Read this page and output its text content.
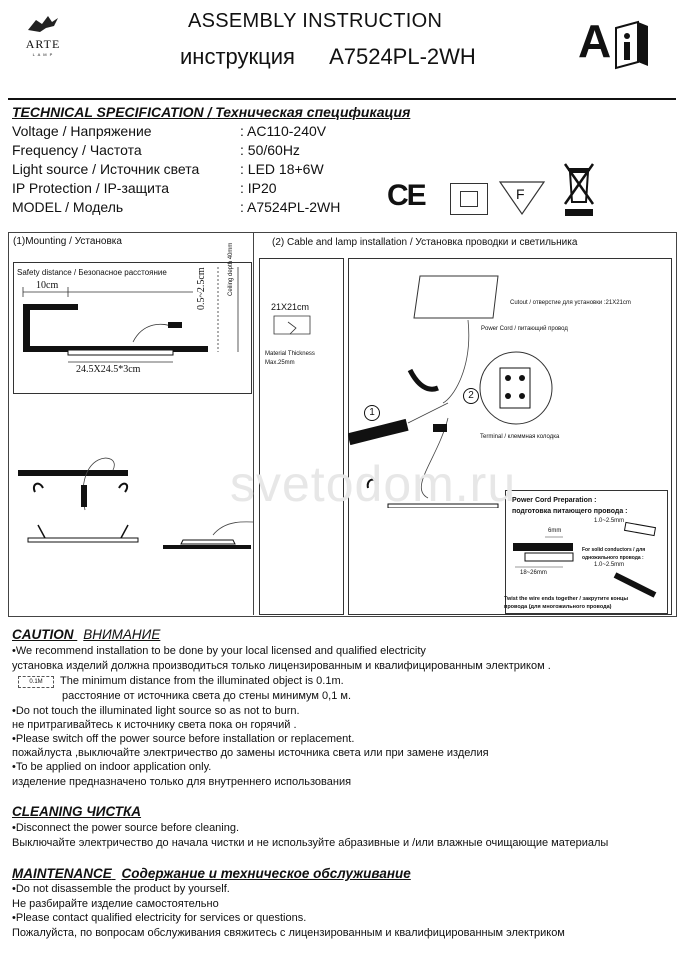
ARTE
L A M P
ASSEMBLY INSTRUCTION
инструкция A7524PL-2WH A
TECHNICAL SPECIFICATION / Техническая спецификация
Voltage / Напряжение	: AC110-240V
Frequency / Частота	: 50/60Hz
Light source / Источник света	: LED 18+6W
IP Protection / IP-защита	: IP20
MODEL / Модель	: A7524PL-2WH CE	F
(1)Mounting / Установка	(2) Cable and lamp installation / Установка проводки и светильника
Safety distance / Безопасное расстояние
10cm	0.5~2.5cm	Ceiling depth 40mm
24.5X24.5*3cm
21X21cm
Material Thickness
Max.25mm
Cutout / отверстие для установки :21X21cm
Power Cord / питающий провод
Terminal / клеммная колодка
1
2
Power Cord Preparation :
подготовка питающего провода :
6mm
18~26mm
1.0~2.5mm
For solid conductors / для
одножильного провода :
1.0~2.5mm
Twist the wire ends together / закрутите концы
провода (для многожильного провода)
svetodom.ru
CAUTION ВНИМАНИЕ
•We recommend installation to be done by your local licensed and qualified electricity
установка изделий должна производиться только лицензированным и квалифицированным электриком .
0.1M	The minimum distance from the illuminated object is 0.1m.
расстояние от источника света до стены минимум 0,1 м.
•Do not touch the illuminated light source so as not to burn.
не притрагивайтесь к источнику света пока он горячий .
•Please switch off the power source before installation or replacement.
пожайлуста ,выключайте электричество до замены источника света или при замене изделия
•To be applied on indoor application only.
изделение предназначено только для внутреннего использования
CLEANING ЧИСТКА
•Disconnect the power source before cleaning.
Выключайте электричество до начала чистки и не используйте абразивные и /или влажные очищающие материалы
MAINTENANCE Содержание и техническое обслуживание
•Do not disassemble the product by yourself.
Не разбирайте изделие самостоятельно
•Please contact qualified electricity for services or questions.
Пожалуйста, по вопросам обслуживания свяжитесь с лицензированным и квалифицированным электриком
